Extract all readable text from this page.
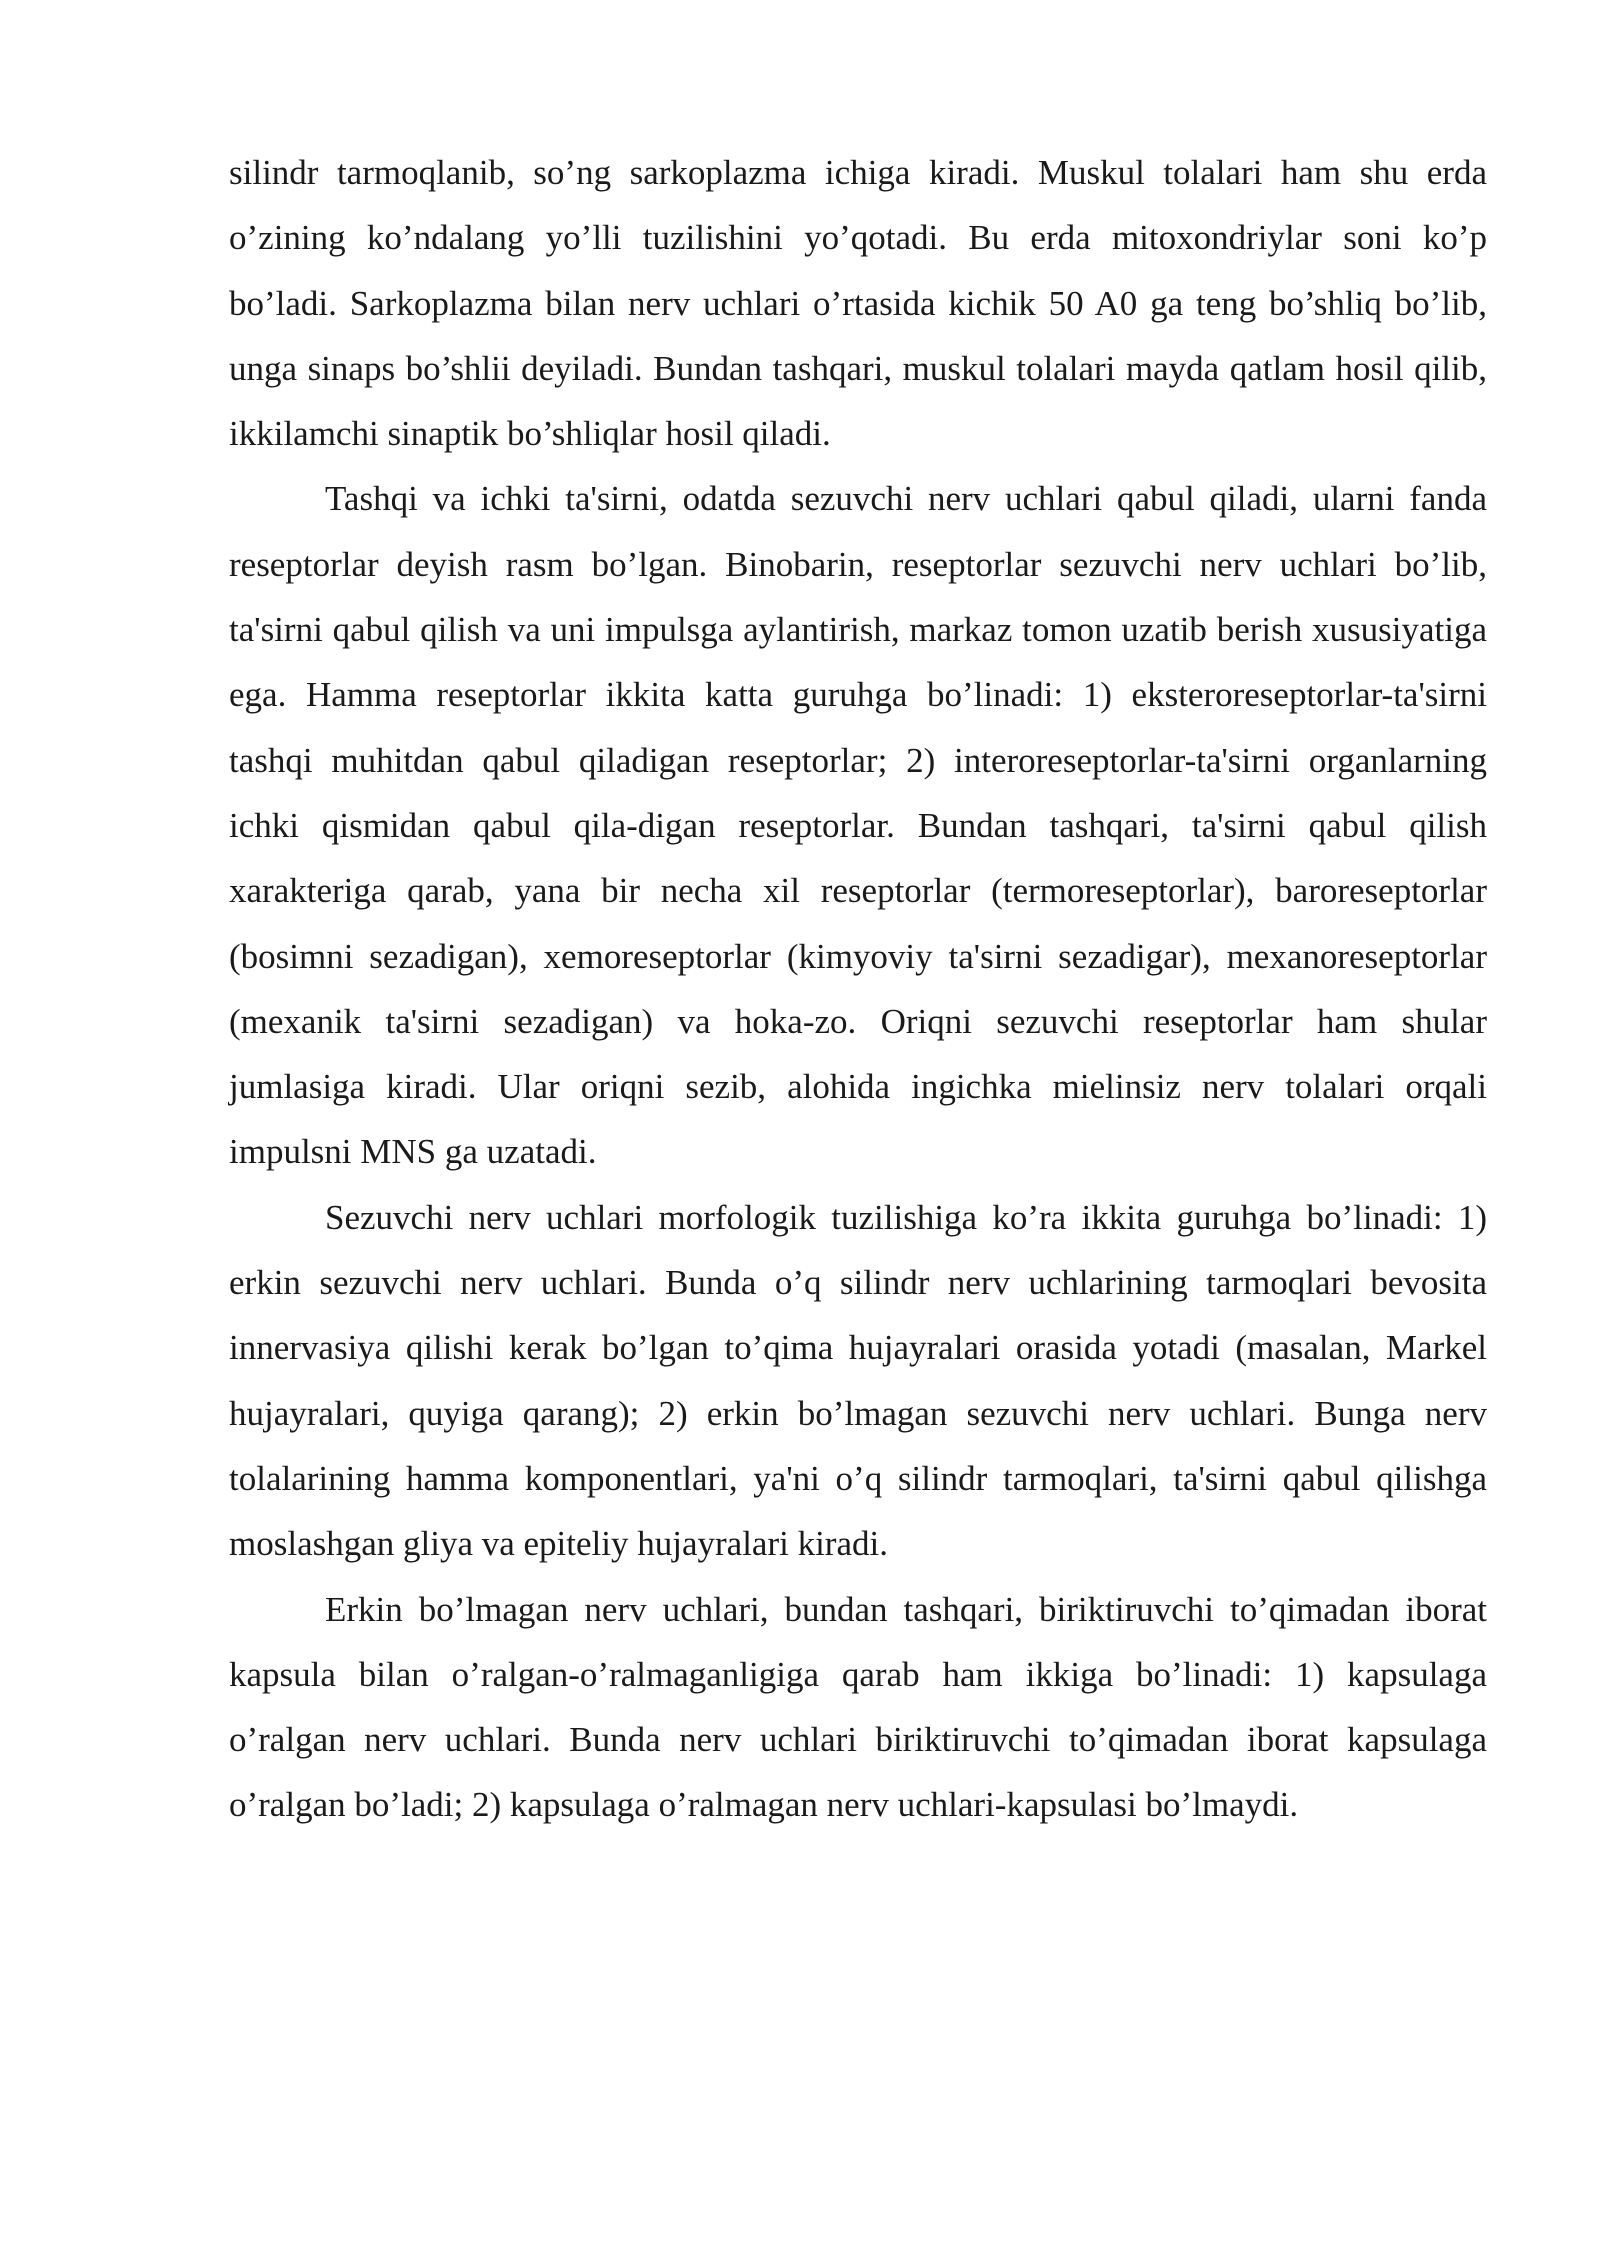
silindr tarmoqlanib, so’ng sarkoplazma ichiga kiradi. Muskul tolalari ham shu erda o’zining ko’ndalang yo’lli tuzilishini yo’qotadi. Bu erda mitoxondriylar soni ko’p bo’ladi. Sarkoplazma bilan nerv uchlari o’rtasida kichik 50 A0 ga teng bo’shliq bo’lib, unga sinaps bo’shlii deyiladi. Bundan tashqari, muskul tolalari mayda qatlam hosil qilib, ikkilamchi sinaptik bo’shliqlar hosil qiladi.

Tashqi va ichki ta'sirni, odatda sezuvchi nerv uchlari qabul qiladi, ularni fanda reseptorlar deyish rasm bo’lgan. Binobarin, reseptorlar sezuvchi nerv uchlari bo’lib, ta'sirni qabul qilish va uni impulsga aylantirish, markaz tomon uzatib berish xususiyatiga ega. Hamma reseptorlar ikkita katta guruhga bo’linadi: 1) eksteroreseptorlar-ta'sirni tashqi muhitdan qabul qiladigan reseptorlar; 2) interoreseptorlar-ta'sirni organlarning ichki qismidan qabul qila-digan reseptorlar. Bundan tashqari, ta'sirni qabul qilish xarakteriga qarab, yana bir necha xil reseptorlar (termoreseptorlar), baroreseptorlar (bosimni sezadigan), xemoreseptorlar (kimyoviy ta'sirni sezadigar), mexanoreseptorlar (mexanik ta'sirni sezadigan) va hoka-zo. Oriqni sezuvchi reseptorlar ham shular jumlasiga kiradi. Ular oriqni sezib, alohida ingichka mielinsiz nerv tolalari orqali impulsni MNS ga uzatadi.

Sezuvchi nerv uchlari morfologik tuzilishiga ko’ra ikkita guruhga bo’linadi: 1) erkin sezuvchi nerv uchlari. Bunda o’q silindr nerv uchlarining tarmoqlari bevosita innervasiya qilishi kerak bo’lgan to’qima hujayralari orasida yotadi (masalan, Markel hujayralari, quyiga qarang); 2) erkin bo’lmagan sezuvchi nerv uchlari. Bunga nerv tolalarining hamma komponentlari, ya'ni o’q silindr tarmoqlari, ta'sirni qabul qilishga moslashgan gliya va epiteliy hujayralari kiradi.

Erkin bo’lmagan nerv uchlari, bundan tashqari, biriktiruvchi to’qimadan iborat kapsula bilan o’ralgan-o’ralmaganligiga qarab ham ikkiga bo’linadi: 1) kapsulaga o’ralgan nerv uchlari. Bunda nerv uchlari biriktiruvchi to’qimadan iborat kapsulaga o’ralgan bo’ladi; 2) kapsulaga o’ralmagan nerv uchlari-kapsulasi bo’lmaydi.
